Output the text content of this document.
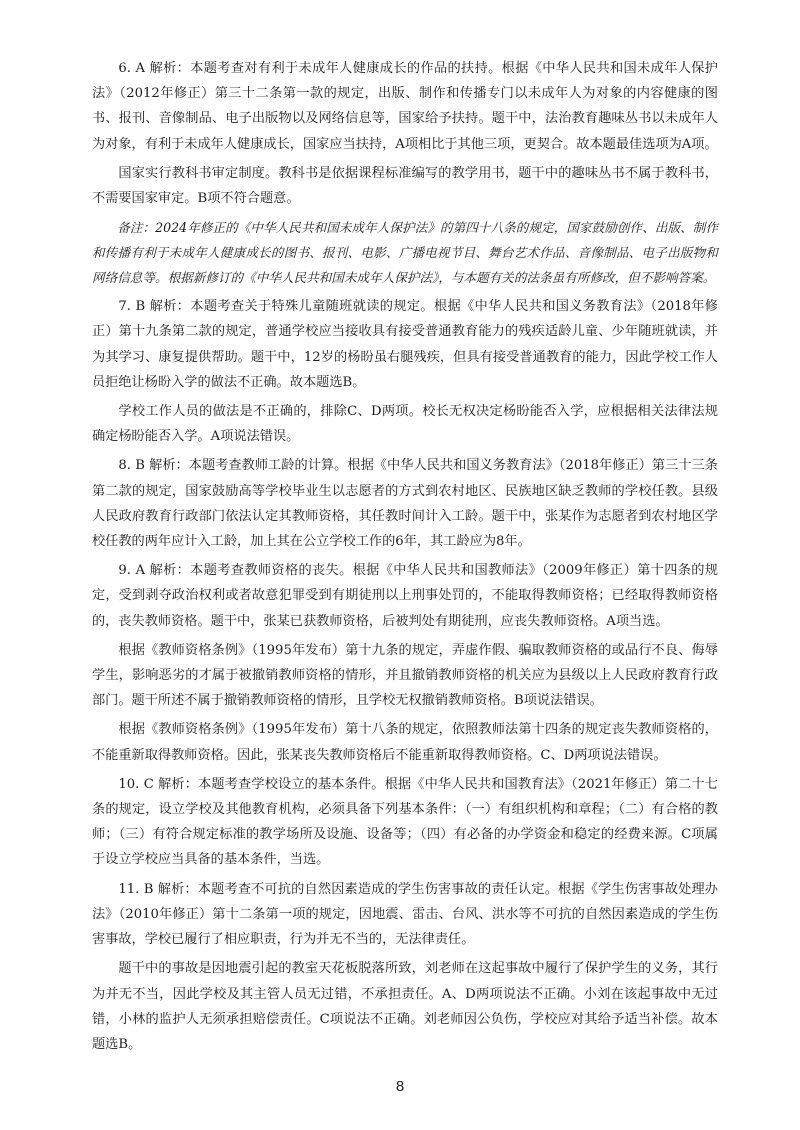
6. A 解析：本题考查对有利于未成年人健康成长的作品的扶持。根据《中华人民共和国未成年人保护法》（2012年修正）第三十二条第一款的规定，出版、制作和传播专门以未成年人为对象的内容健康的图书、报刊、音像制品、电子出版物以及网络信息等，国家给予扶持。题干中，法治教育趣味丛书以未成年人为对象，有利于未成年人健康成长，国家应当扶持，A项相比于其他三项，更契合。故本题最佳选项为A项。

国家实行教科书审定制度。教科书是依据课程标准编写的教学用书，题干中的趣味丛书不属于教科书，不需要国家审定。B项不符合题意。

备注：2024年修正的《中华人民共和国未成年人保护法》的第四十八条的规定，国家鼓励创作、出版、制作和传播有利于未成年人健康成长的图书、报刊、电影、广播电视节目、舞台艺术作品、音像制品、电子出版物和网络信息等。根据新修订的《中华人民共和国未成年人保护法》，与本题有关的法条虽有所修改，但不影响答案。

7. B 解析：本题考查关于特殊儿童随班就读的规定。根据《中华人民共和国义务教育法》（2018年修正）第十九条第二款的规定，普通学校应当接收具有接受普通教育能力的残疾适龄儿童、少年随班就读，并为其学习、康复提供帮助。题干中，12岁的杨盼虽右腿残疾，但具有接受普通教育的能力，因此学校工作人员拒绝让杨盼入学的做法不正确。故本题选B。

学校工作人员的做法是不正确的，排除C、D两项。校长无权决定杨盼能否入学，应根据相关法律法规确定杨盼能否入学。A项说法错误。

8. B 解析：本题考查教师工龄的计算。根据《中华人民共和国义务教育法》（2018年修正）第三十三条第二款的规定，国家鼓励高等学校毕业生以志愿者的方式到农村地区、民族地区缺乏教师的学校任教。县级人民政府教育行政部门依法认定其教师资格，其任教时间计入工龄。题干中，张某作为志愿者到农村地区学校任教的两年应计入工龄，加上其在公立学校工作的6年，其工龄应为8年。

9. A 解析：本题考查教师资格的丧失。根据《中华人民共和国教师法》（2009年修正）第十四条的规定，受到剥夺政治权利或者故意犯罪受到有期徒刑以上刑事处罚的，不能取得教师资格；已经取得教师资格的，丧失教师资格。题干中，张某已获教师资格，后被判处有期徒刑，应丧失教师资格。A项当选。

根据《教师资格条例》（1995年发布）第十九条的规定，弄虚作假、骗取教师资格的或品行不良、侮辱学生，影响恶劣的才属于被撤销教师资格的情形，并且撤销教师资格的机关应为县级以上人民政府教育行政部门。题干所述不属于撤销教师资格的情形，且学校无权撤销教师资格。B项说法错误。

根据《教师资格条例》（1995年发布）第十八条的规定，依照教师法第十四条的规定丧失教师资格的，不能重新取得教师资格。因此，张某丧失教师资格后不能重新取得教师资格。C、D两项说法错误。

10. C 解析：本题考查学校设立的基本条件。根据《中华人民共和国教育法》（2021年修正）第二十七条的规定，设立学校及其他教育机构，必须具备下列基本条件：（一）有组织机构和章程；（二）有合格的教师；（三）有符合规定标准的教学场所及设施、设备等；（四）有必备的办学资金和稳定的经费来源。C项属于设立学校应当具备的基本条件，当选。

11. B 解析：本题考查不可抗的自然因素造成的学生伤害事故的责任认定。根据《学生伤害事故处理办法》（2010年修正）第十二条第一项的规定，因地震、雷击、台风、洪水等不可抗的自然因素造成的学生伤害事故，学校已履行了相应职责，行为并无不当的，无法律责任。

题干中的事故是因地震引起的教室天花板脱落所致，刘老师在这起事故中履行了保护学生的义务，其行为并无不当，因此学校及其主管人员无过错，不承担责任。A、D两项说法不正确。小刘在该起事故中无过错，小林的监护人无须承担赔偿责任。C项说法不正确。刘老师因公负伤，学校应对其给予适当补偿。故本题选B。

8
